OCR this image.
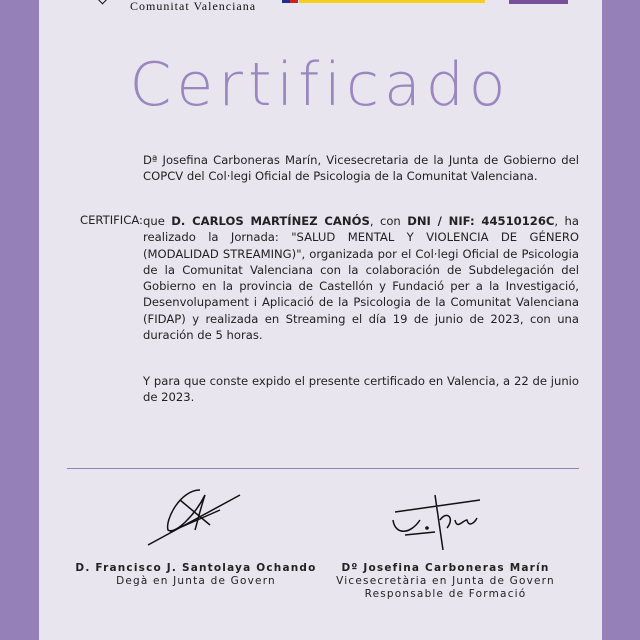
Comunitat Valenciana
Certificado
Dª Josefina Carboneras Marín, Vicesecretaria de la Junta de Gobierno del COPCV del Col·legi Oficial de Psicologia de la Comunitat Valenciana.
CERTIFICA: que D. CARLOS MARTÍNEZ CANÓS, con DNI / NIF: 44510126C, ha realizado la Jornada: "SALUD MENTAL Y VIOLENCIA DE GÉNERO (MODALIDAD STREAMING)", organizada por el Col·legi Oficial de Psicologia de la Comunitat Valenciana con la colaboración de Subdelegación del Gobierno en la provincia de Castellón y Fundació per a la Investigació, Desenvolupament i Aplicació de la Psicologia de la Comunitat Valenciana (FIDAP) y realizada en Streaming el día 19 de junio de 2023, con una duración de 5 horas.
Y para que conste expido el presente certificado en Valencia, a 22 de junio de 2023.
D. Francisco J. Santolaya Ochando
Degà en Junta de Govern
Dº Josefina Carboneras Marín
Vicesecretària en Junta de Govern
Responsable de Formació
